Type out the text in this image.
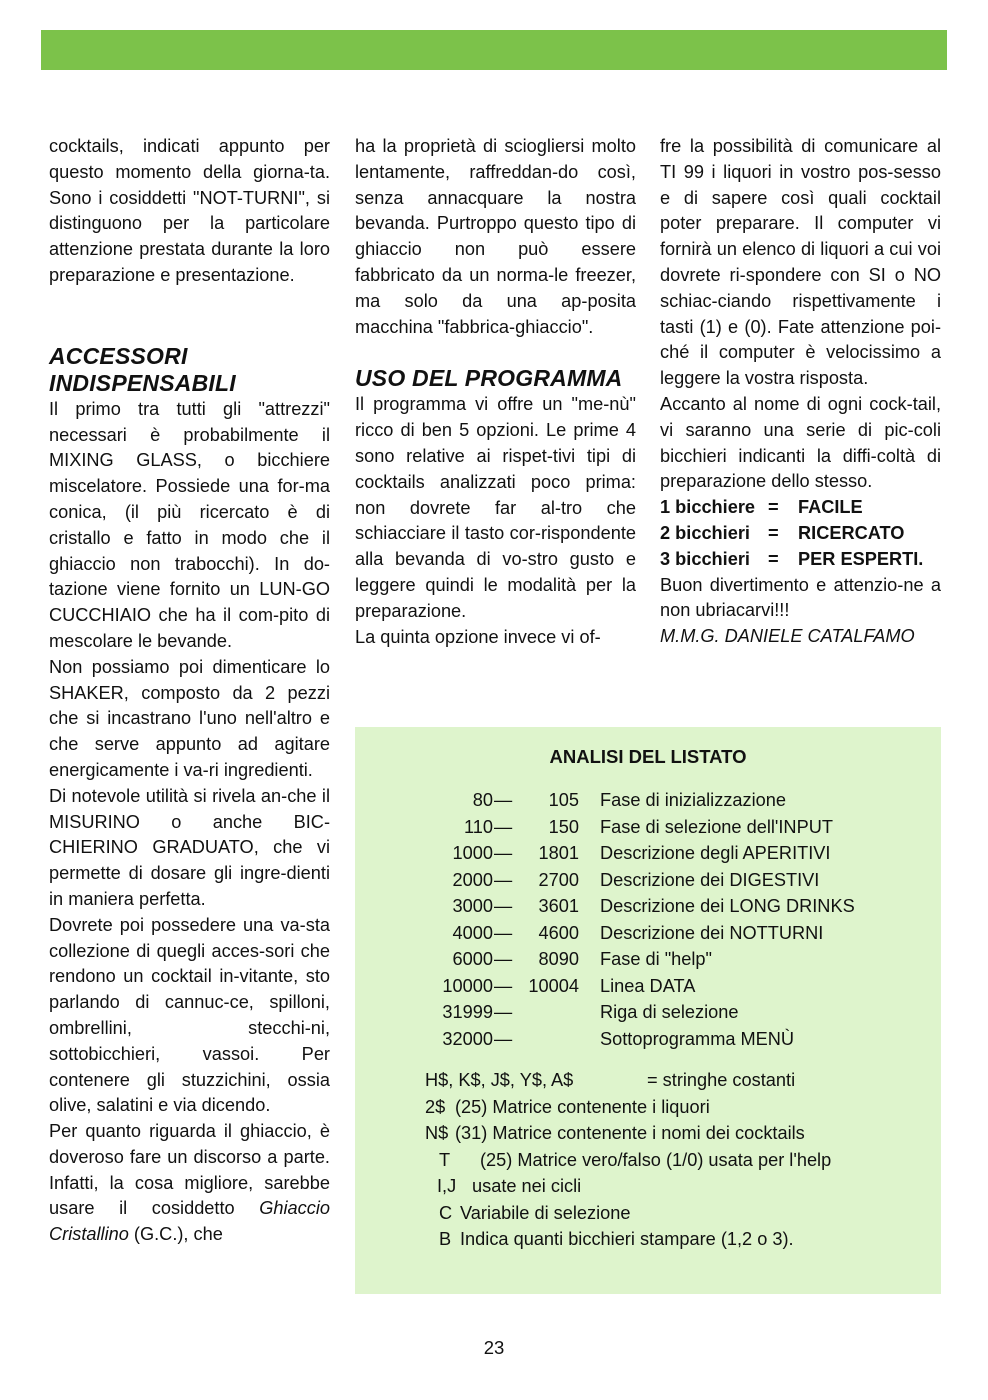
cocktails, indicati appunto per questo momento della giorna-ta. Sono i cosiddetti "NOT-TURNI", si distinguono per la particolare attenzione prestata durante la loro preparazione e presentazione.

ACCESSORI
INDISPENSABILI

Il primo tra tutti gli "attrezzi" necessari è probabilmente il MIXING GLASS, o bicchiere miscelatore. Possiede una for-ma conica, (il più ricercato è di cristallo e fatto in modo che il ghiaccio non trabocchi). In do-tazione viene fornito un LUN-GO CUCCHIAIO che ha il com-pito di mescolare le bevande.

Non possiamo poi dimenticare lo SHAKER, composto da 2 pezzi che si incastrano l'uno nell'altro e che serve appunto ad agitare energicamente i va-ri ingredienti.

Di notevole utilità si rivela an-che il MISURINO o anche BIC-CHIERINO GRADUATO, che vi permette di dosare gli ingre-dienti in maniera perfetta.

Dovrete poi possedere una va-sta collezione di quegli acces-sori che rendono un cocktail in-vitante, sto parlando di cannuc-ce, spilloni, ombrellini, stecchi-ni, sottobicchieri, vassoi. Per contenere gli stuzzichini, ossia olive, salatini e via dicendo.

Per quanto riguarda il ghiaccio, è doveroso fare un discorso a parte. Infatti, la cosa migliore, sarebbe usare il cosiddetto Ghiaccio Cristallino (G.C.), che

ha la proprietà di sciogliersi molto lentamente, raffreddan-do così, senza annacquare la nostra bevanda. Purtroppo questo tipo di ghiaccio non può essere fabbricato da un norma-le freezer, ma solo da una ap-posita macchina "fabbrica-ghiaccio".

USO DEL PROGRAMMA

Il programma vi offre un "me-nù" ricco di ben 5 opzioni. Le prime 4 sono relative ai rispet-tivi tipi di cocktails analizzati poco prima: non dovrete far al-tro che schiacciare il tasto cor-rispondente alla bevanda di vo-stro gusto e leggere quindi le modalità per la preparazione.

La quinta opzione invece vi of-

fre la possibilità di comunicare al TI 99 i liquori in vostro pos-sesso e di sapere così quali cocktail poter preparare. Il computer vi fornirà un elenco di liquori a cui voi dovrete ri-spondere con SI o NO schiac-ciando rispettivamente i tasti (1) e (0). Fate attenzione poi-ché il computer è velocissimo a leggere la vostra risposta.

Accanto al nome di ogni cock-tail, vi saranno una serie di pic-coli bicchieri indicanti la diffi-coltà di preparazione dello stesso.

1 bicchiere = FACILE

2 bicchieri = RICERCATO

3 bicchieri = PER ESPERTI.

Buon divertimento e attenzio-ne a non ubriacarvi!!!

M.M.G. DANIELE CATALFAMO

ANALISI DEL LISTATO
80 — 105 Fase di inizializzazione
110 — 150 Fase di selezione dell'INPUT
1000 — 1801 Descrizione degli APERITIVI
2000 — 2700 Descrizione dei DIGESTIVI
3000 — 3601 Descrizione dei LONG DRINKS
4000 — 4600 Descrizione dei NOTTURNI
6000 — 8090 Fase di "help"
10000 — 10004 Linea DATA
31999 —	Riga di selezione
32000 —	Sottoprogramma MENÙ
H$, K$, J$, Y$, A$	= stringhe costanti
2$ (25) Matrice contenente i liquori
N$ (31) Matrice contenente i nomi dei cocktails
T (25) Matrice vero/falso (1/0) usata per l'help
I,J usate nei cicli
C Variabile di selezione
B Indica quanti bicchieri stampare (1,2 o 3).
23
